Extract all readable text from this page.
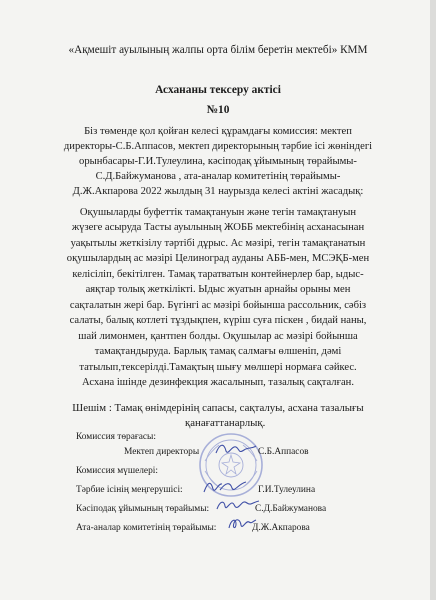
«Ақмешіт ауылының жалпы орта білім беретін мектебі» КММ
Асхананы тексеру актісі
№10
Біз төменде қол қойған келесі құрамдағы комиссия: мектеп
директоры-С.Б.Аппасов, мектеп директорының тәрбие ісі жөніндегі
орынбасары-Г.И.Тулеулина, кәсіподақ ұйымының төрайымы-
С.Д.Байжуманова , ата-аналар комитетінің төрайымы-
Д.Ж.Акпарова 2022 жылдың 31 наурызда келесі актіні жасадық:
Оқушыларды буфеттік тамақтануын және тегін тамақтануын
жүзеге асыруда Тасты ауылының ЖОББ мектебінің асханасынан
уақытылы жеткізілу тәртібі дұрыс. Ас мәзірі, тегін тамақтанатын
оқушылардың ас мәзірі Целиноград ауданы АББ-мен, МСЭҚБ-мен
келісіліп, бекітілген. Тамақ таратватын контейнерлер бар, ыдыс-
аяқтар толық жеткілікті. Ыдыс жуатын арнайы орыны мен
сақталатын жері бар. Бүгінгі ас мәзірі бойынша рассольник, сәбіз
салаты, балық котлеті тұздықпен, күріш суға піскен , бидай наны,
шай лимонмен, қантпен болды. Оқушылар ас мәзірі бойынша
тамақтандыруда. Барлық тамақ салмағы өлшеніп, дәмі
татылып,тексерілді.Тамақтың шығу мөлшері нормаға сәйкес.
Асхана ішінде дезинфекция жасалынып, тазалық сақталған.
Шешім : Тамақ өнімдерінің сапасы, сақталуы, асхана тазалығы
қанағаттанарлық.
Комиссия төрағасы:
Мектеп директоры	С.Б.Аппасов
Комиссия мүшелері:
Тәрбие ісінің меңгерушісі:	Г.И.Тулеулина
Кәсіподақ ұйымының төрайымы:	С.Д.Байжуманова
Ата-аналар комитетінің төрайымы:	Д.Ж.Акпарова
